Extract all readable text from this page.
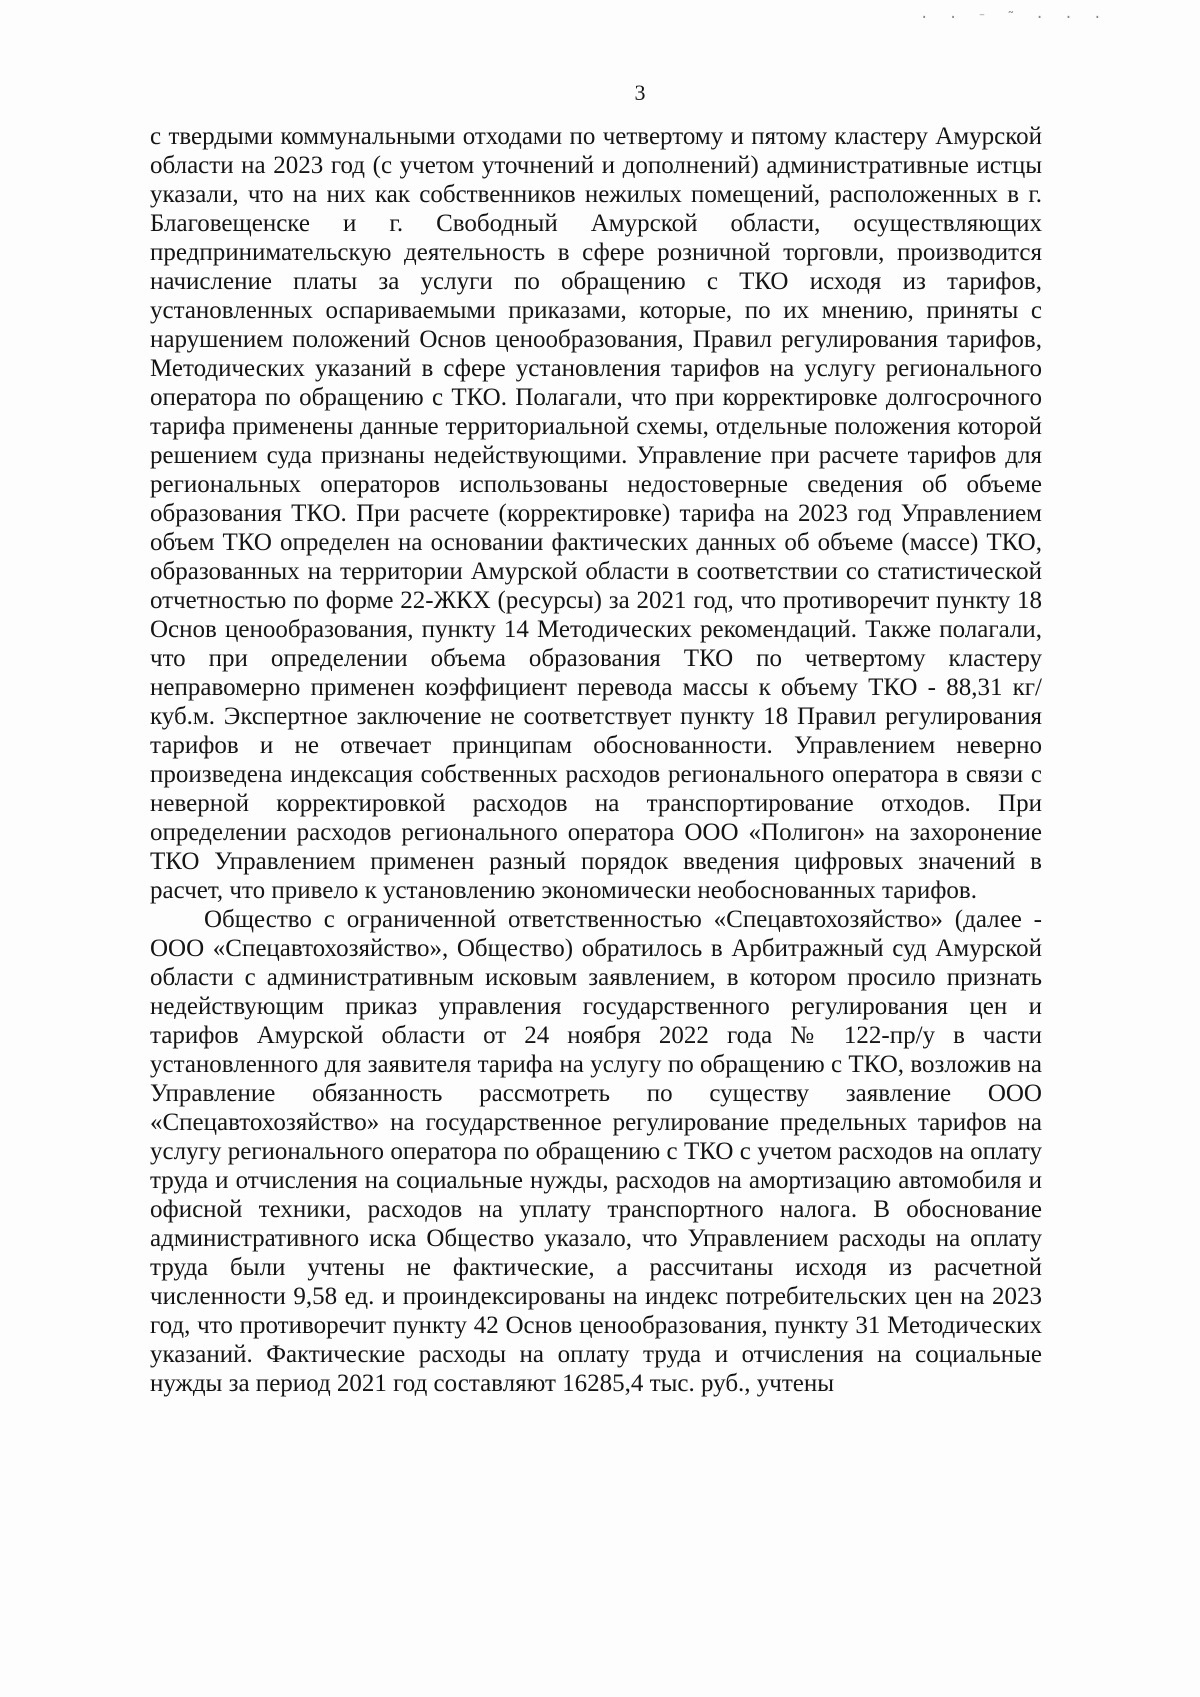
· · ⁻ ˜ · · ·
3

с твердыми коммунальными отходами по четвертому и пятому кластеру Амурской области на 2023 год (с учетом уточнений и дополнений) административные истцы указали, что на них как собственников нежилых помещений, расположенных в г. Благовещенске и г. Свободный Амурской области, осуществляющих предпринимательскую деятельность в сфере розничной торговли, производится начисление платы за услуги по обращению с ТКО исходя из тарифов, установленных оспариваемыми приказами, которые, по их мнению, приняты с нарушением положений Основ ценообразования, Правил регулирования тарифов, Методических указаний в сфере установления тарифов на услугу регионального оператора по обращению с ТКО. Полагали, что при корректировке долгосрочного тарифа применены данные территориальной схемы, отдельные положения которой решением суда признаны недействующими. Управление при расчете тарифов для региональных операторов использованы недостоверные сведения об объеме образования ТКО. При расчете (корректировке) тарифа на 2023 год Управлением объем ТКО определен на основании фактических данных об объеме (массе) ТКО, образованных на территории Амурской области в соответствии со статистической отчетностью по форме 22-ЖКХ (ресурсы) за 2021 год, что противоречит пункту 18 Основ ценообразования, пункту 14 Методических рекомендаций. Также полагали, что при определении объема образования ТКО по четвертому кластеру неправомерно применен коэффициент перевода массы к объему ТКО - 88,31 кг/куб.м. Экспертное заключение не соответствует пункту 18 Правил регулирования тарифов и не отвечает принципам обоснованности. Управлением неверно произведена индексация собственных расходов регионального оператора в связи с неверной корректировкой расходов на транспортирование отходов. При определении расходов регионального оператора ООО «Полигон» на захоронение ТКО Управлением применен разный порядок введения цифровых значений в расчет, что привело к установлению экономически необоснованных тарифов.

Общество с ограниченной ответственностью «Спецавтохозяйство» (далее - ООО «Спецавтохозяйство», Общество) обратилось в Арбитражный суд Амурской области с административным исковым заявлением, в котором просило признать недействующим приказ управления государственного регулирования цен и тарифов Амурской области от 24 ноября 2022 года № 122-пр/у в части установленного для заявителя тарифа на услугу по обращению с ТКО, возложив на Управление обязанность рассмотреть по существу заявление ООО «Спецавтохозяйство» на государственное регулирование предельных тарифов на услугу регионального оператора по обращению с ТКО с учетом расходов на оплату труда и отчисления на социальные нужды, расходов на амортизацию автомобиля и офисной техники, расходов на уплату транспортного налога. В обоснование административного иска Общество указало, что Управлением расходы на оплату труда были учтены не фактические, а рассчитаны исходя из расчетной численности 9,58 ед. и проиндексированы на индекс потребительских цен на 2023 год, что противоречит пункту 42 Основ ценообразования, пункту 31 Методических указаний. Фактические расходы на оплату труда и отчисления на социальные нужды за период 2021 год составляют 16285,4 тыс. руб., учтены
